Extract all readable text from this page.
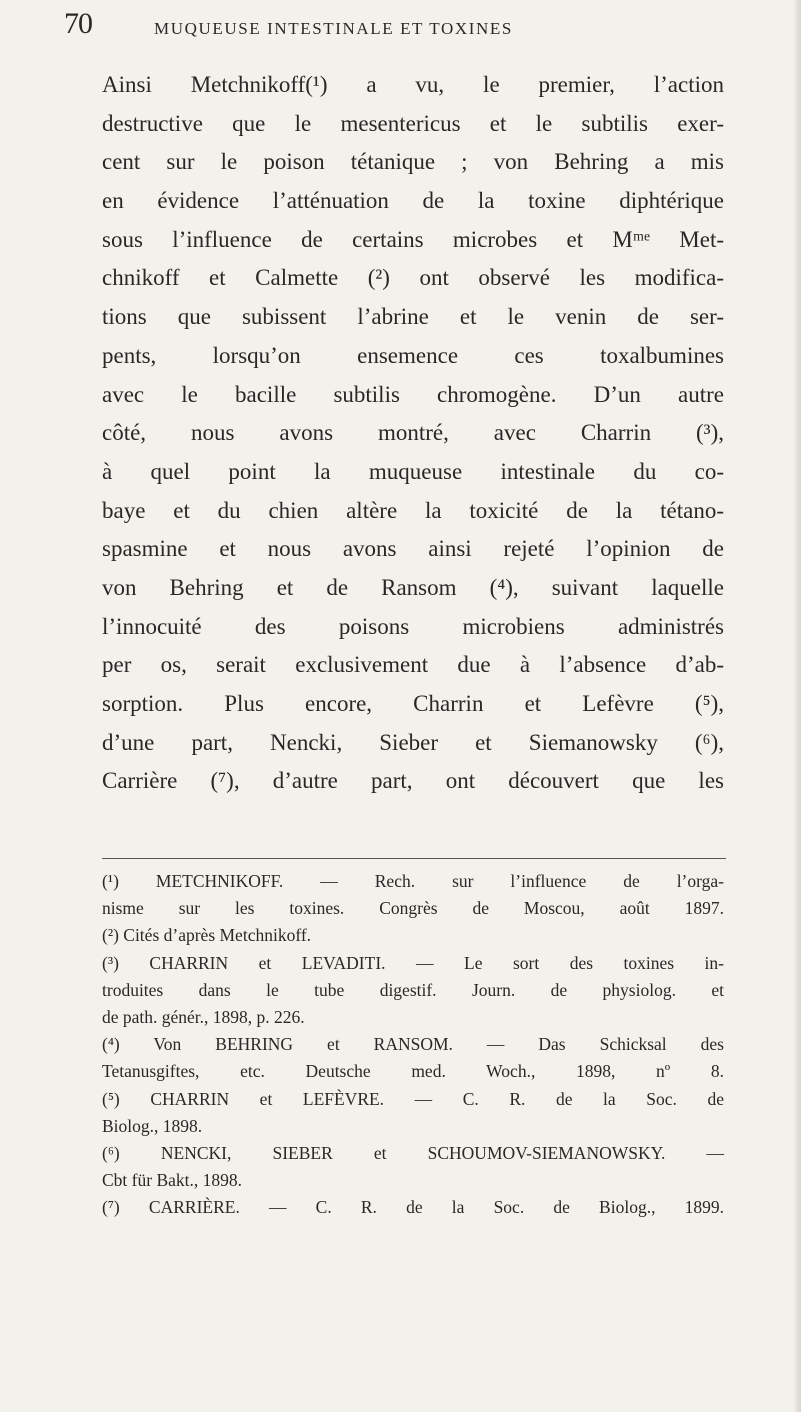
70	MUQUEUSE INTESTINALE ET TOXINES
Ainsi Metchnikoff(¹) a vu, le premier, l’action
destructive que le mesentericus et le subtilis exer-
cent sur le poison tétanique ; von Behring a mis
en évidence l’atténuation de la toxine diphtérique
sous l’influence de certains microbes et Mᵐᵉ Met-
chnikoff et Calmette (²) ont observé les modifica-
tions que subissent l’abrine et le venin de ser-
pents, lorsqu’on ensemence ces toxalbumines
avec le bacille subtilis chromogène. D’un autre
côté, nous avons montré, avec Charrin (³),
à quel point la muqueuse intestinale du co-
baye et du chien altère la toxicité de la tétano-
spasmine et nous avons ainsi rejeté l’opinion de
von Behring et de Ransom (⁴), suivant laquelle
l’innocuité des poisons microbiens administrés
per os, serait exclusivement due à l’absence d’ab-
sorption. Plus encore, Charrin et Lefèvre (⁵),
d’une part, Nencki, Sieber et Siemanowsky (⁶),
Carrière (⁷), d’autre part, ont découvert que les
(¹) METCHNIKOFF. — Rech. sur l’influence de l’orga-
nisme sur les toxines. Congrès de Moscou, août 1897.
(²) Cités d’après Metchnikoff.
(³) CHARRIN et LEVADITI. — Le sort des toxines in-
troduites dans le tube digestif. Journ. de physiolog. et
de path. génér., 1898, p. 226.
(⁴) Von BEHRING et RANSOM. — Das Schicksal des
Tetanusgiftes, etc. Deutsche med. Woch., 1898, nº 8.
(⁵) CHARRIN et LEFÈVRE. — C. R. de la Soc. de
Biolog., 1898.
(⁶) NENCKI, SIEBER et SCHOUMOV-SIEMANOWSKY. —
Cbt für Bakt., 1898.
(⁷) CARRIÈRE. — C. R. de la Soc. de Biolog., 1899.
